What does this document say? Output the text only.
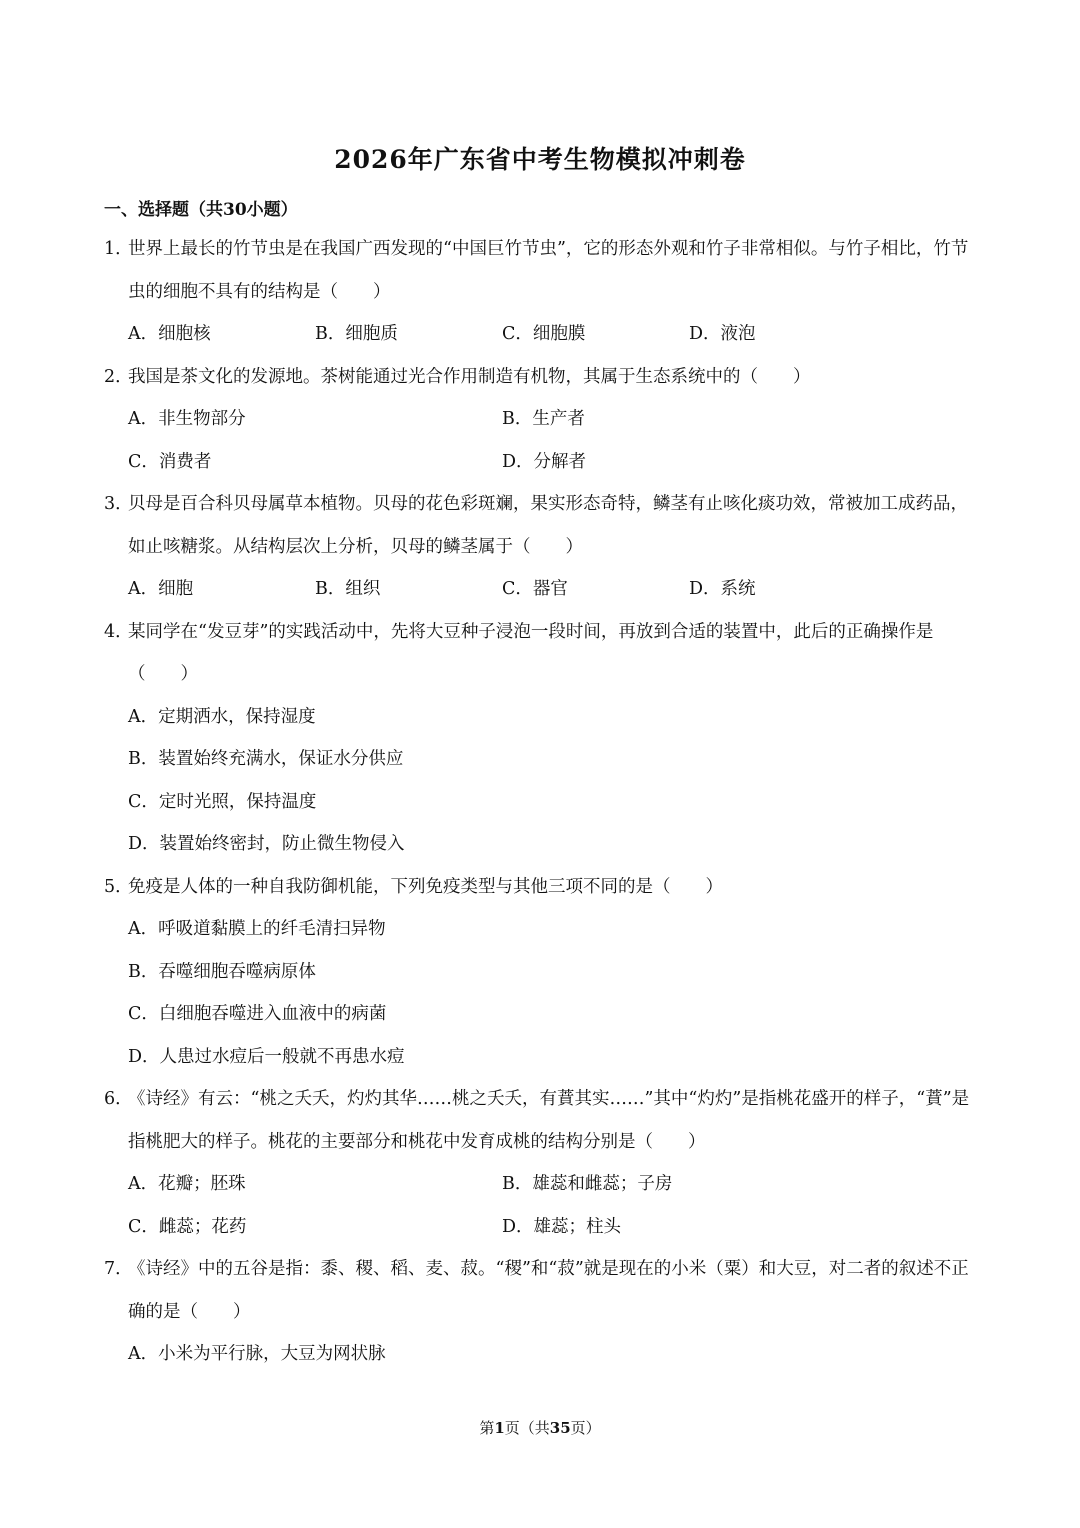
2026年广东省中考生物模拟冲刺卷
一、选择题（共30小题）
1．
世界上最长的竹节虫是在我国广西发现的“中国巨竹节虫”，它的形态外观和竹子非常相似。与竹子相比，竹节虫的细胞不具有的结构是（　　）
A．细胞核	B．细胞质	C．细胞膜	D．液泡
2．
我国是茶文化的发源地。茶树能通过光合作用制造有机物，其属于生态系统中的（　　）
A．非生物部分	B．生产者
C．消费者	D．分解者
3．
贝母是百合科贝母属草本植物。贝母的花色彩斑斓，果实形态奇特，鳞茎有止咳化痰功效，常被加工成药品，如止咳糖浆。从结构层次上分析，贝母的鳞茎属于（　　）
A．细胞	B．组织	C．器官	D．系统
4．
某同学在“发豆芽”的实践活动中，先将大豆种子浸泡一段时间，再放到合适的装置中，此后的正确操作是（　　）
A．定期洒水，保持湿度
B．装置始终充满水，保证水分供应
C．定时光照，保持温度
D．装置始终密封，防止微生物侵入
5．
免疫是人体的一种自我防御机能，下列免疫类型与其他三项不同的是（　　）
A．呼吸道黏膜上的纤毛清扫异物
B．吞噬细胞吞噬病原体
C．白细胞吞噬进入血液中的病菌
D．人患过水痘后一般就不再患水痘
6．
《诗经》有云：“桃之夭夭，灼灼其华……桃之夭夭，有蕡其实……”其中“灼灼”是指桃花盛开的样子，“蕡”是指桃肥大的样子。桃花的主要部分和桃花中发育成桃的结构分别是（　　）
A．花瓣；胚珠	B．雄蕊和雌蕊；子房
C．雌蕊；花药	D．雄蕊；柱头
7．
《诗经》中的五谷是指：黍、稷、稻、麦、菽。“稷”和“菽”就是现在的小米（粟）和大豆，对二者的叙述不正确的是（　　）
A．小米为平行脉，大豆为网状脉
第1页（共35页）
